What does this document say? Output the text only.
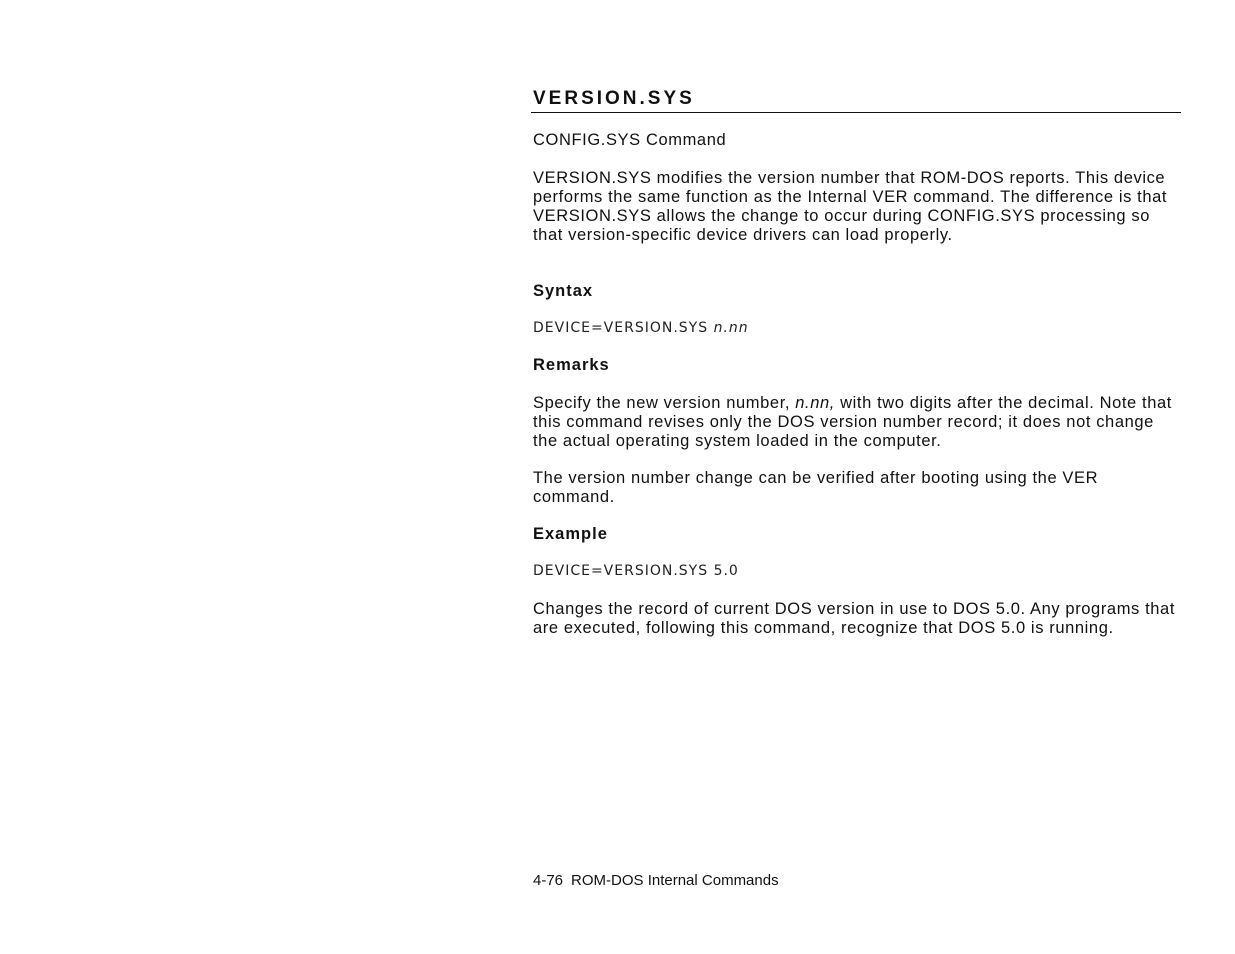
VERSION.SYS

CONFIG.SYS Command

VERSION.SYS modifies the version number that ROM-DOS reports. This device performs the same function as the Internal VER command. The difference is that VERSION.SYS allows the change to occur during CONFIG.SYS processing so that version-specific device drivers can load properly.

Syntax

DEVICE=VERSION.SYS n.nn

Remarks

Specify the new version number, n.nn, with two digits after the decimal. Note that this command revises only the DOS version number record; it does not change the actual operating system loaded in the computer.

The version number change can be verified after booting using the VER command.

Example

DEVICE=VERSION.SYS 5.0

Changes the record of current DOS version in use to DOS 5.0. Any programs that are executed, following this command, recognize that DOS 5.0 is running.

4-76 ROM-DOS Internal Commands
